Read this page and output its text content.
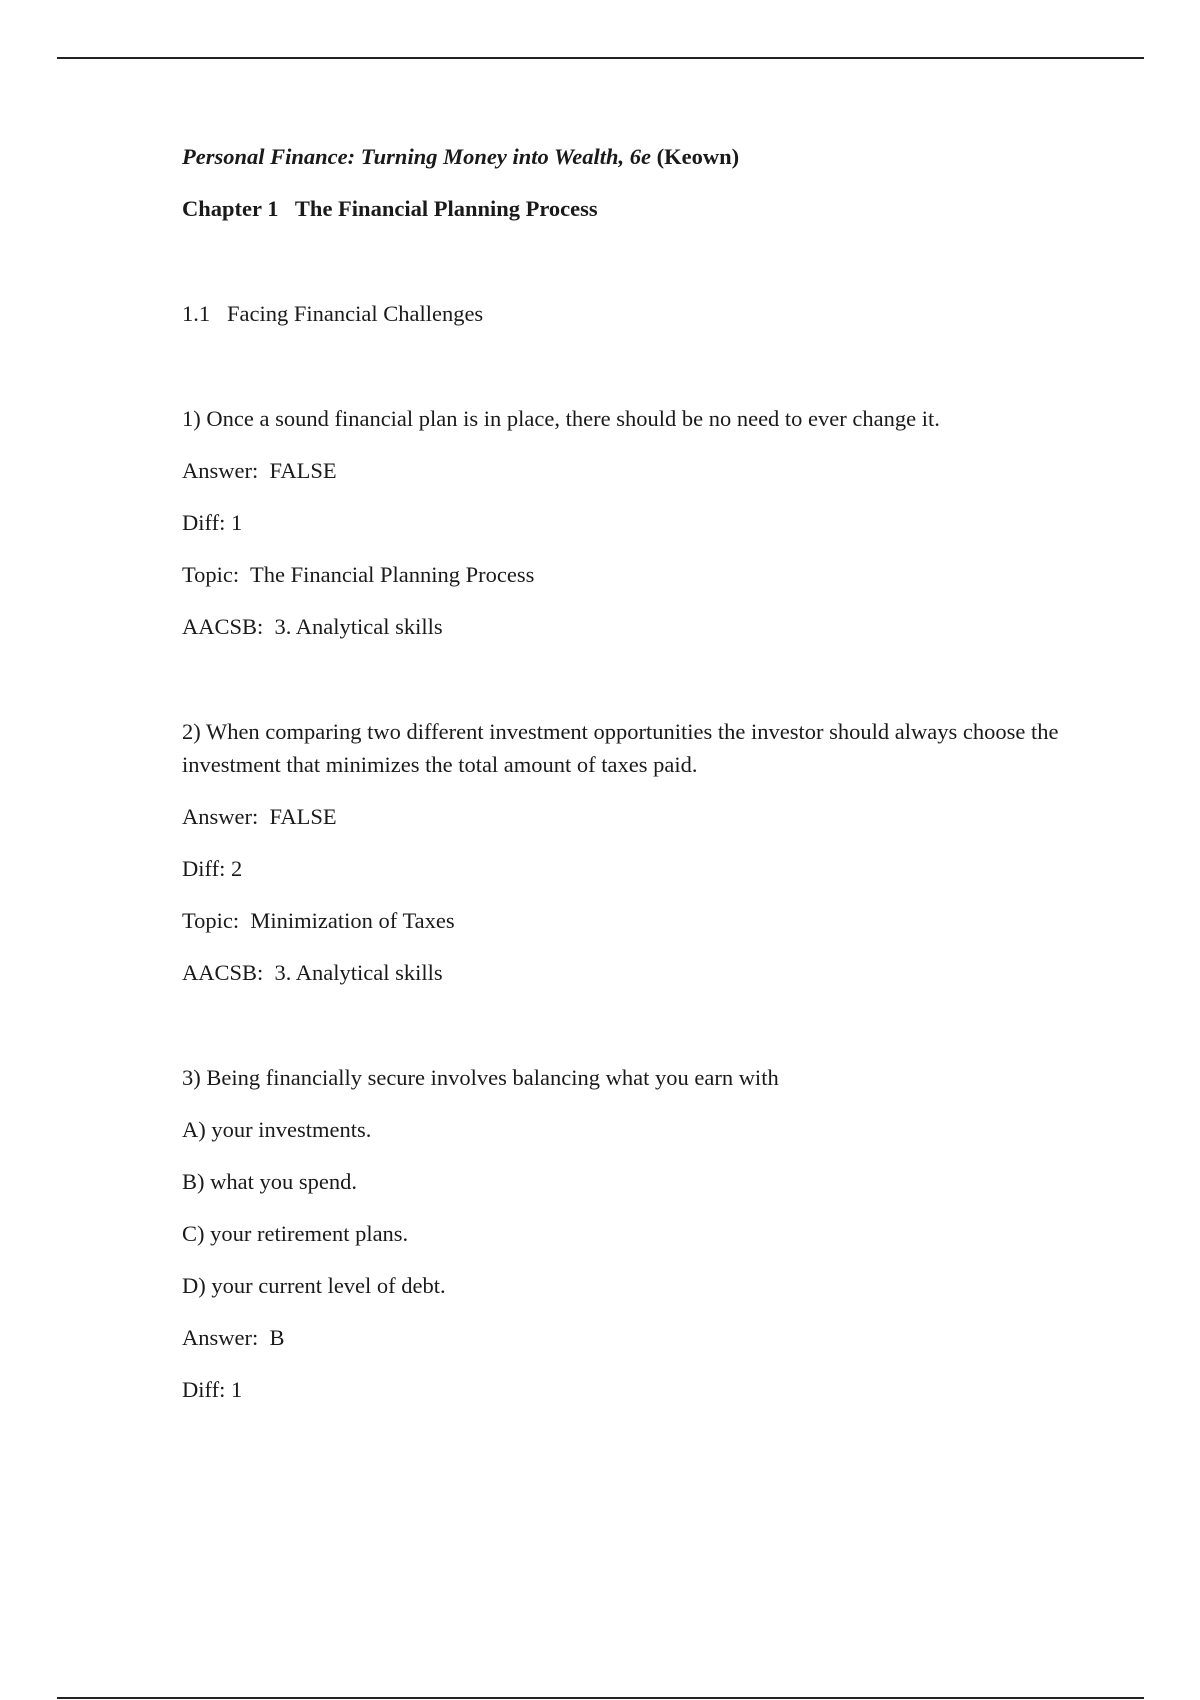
Personal Finance: Turning Money into Wealth, 6e (Keown)
Chapter 1   The Financial Planning Process
1.1   Facing Financial Challenges
1) Once a sound financial plan is in place, there should be no need to ever change it.
Answer:  FALSE
Diff: 1
Topic:  The Financial Planning Process
AACSB:  3. Analytical skills
2) When comparing two different investment opportunities the investor should always choose the investment that minimizes the total amount of taxes paid.
Answer:  FALSE
Diff: 2
Topic:  Minimization of Taxes
AACSB:  3. Analytical skills
3) Being financially secure involves balancing what you earn with
A) your investments.
B) what you spend.
C) your retirement plans.
D) your current level of debt.
Answer:  B
Diff: 1
